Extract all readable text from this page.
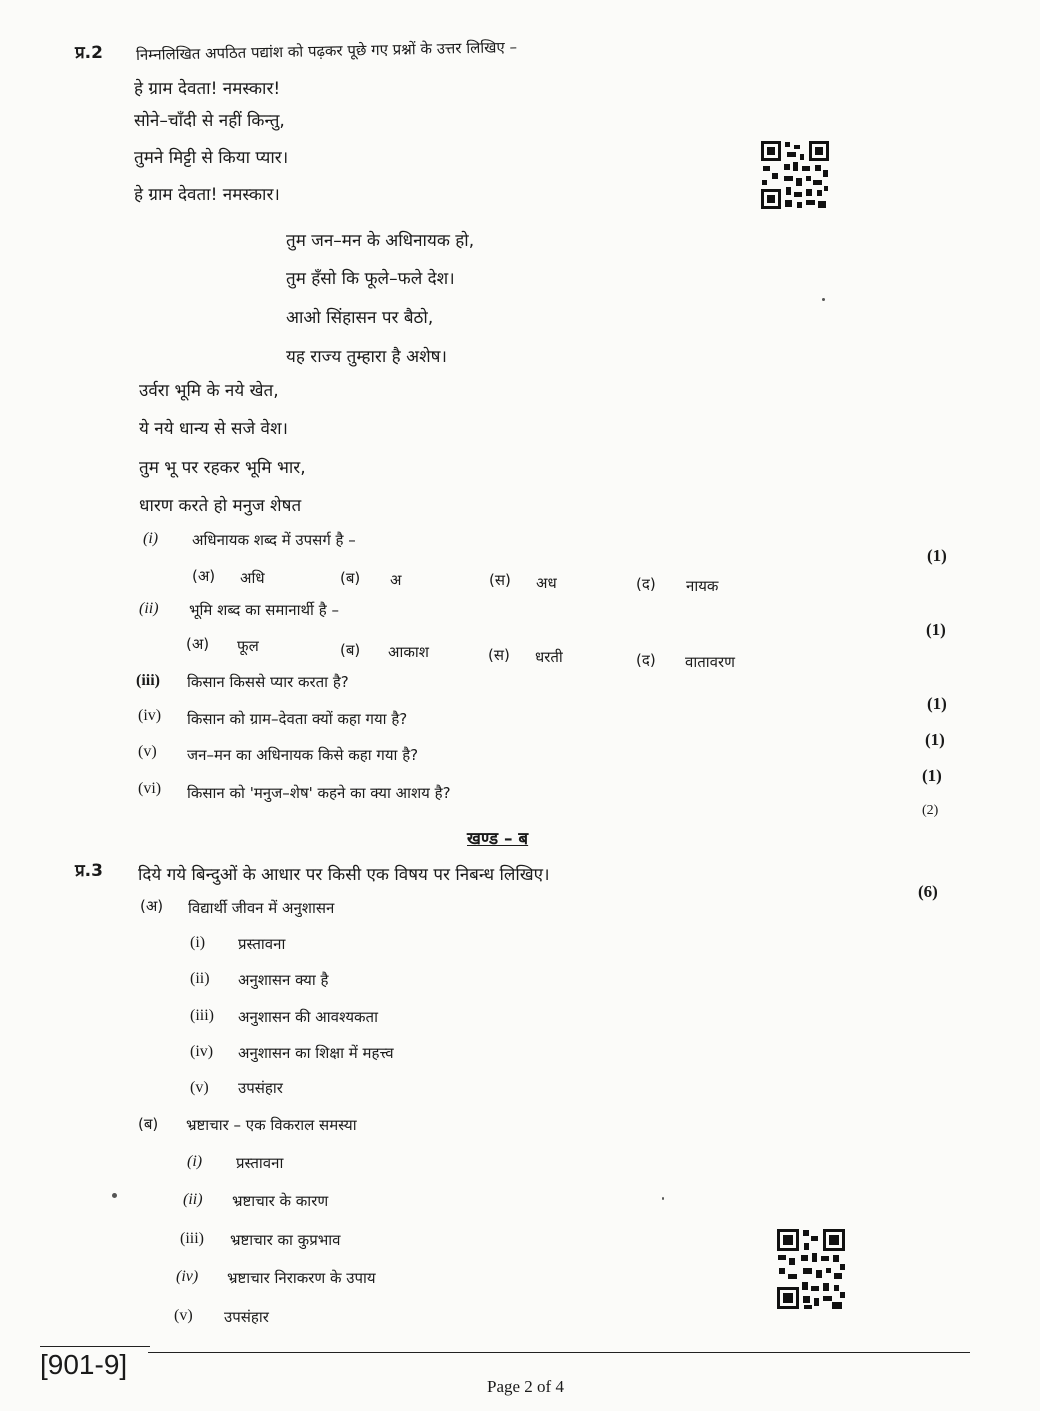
प्र.2 निम्नलिखित अपठित पद्यांश को पढ़कर पूछे गए प्रश्नों के उत्तर लिखिए –
हे ग्राम देवता! नमस्कार!
सोने–चाँदी से नहीं किन्तु,
तुमने मिट्टी से किया प्यार।
हे ग्राम देवता! नमस्कार।
तुम जन–मन के अधिनायक हो,
तुम हँसो कि फूले–फले देश।
आओ सिंहासन पर बैठो,
यह राज्य तुम्हारा है अशेष।
उर्वरा भूमि के नये खेत,
ये नये धान्य से सजे वेश।
तुम भू पर रहकर भूमि भार,
धारण करते हो मनुज शेषत
(i) अधिनायक शब्द में उपसर्ग है –
(1)
(अ) अधि	(ब) अ	(स) अध	(द) नायक
(ii) भूमि शब्द का समानार्थी है –
(1)
(अ) फूल	(ब) आकाश	(स) धरती	(द) वातावरण
(iii) किसान किससे प्यार करता है?
(1)
(iv) किसान को ग्राम–देवता क्यों कहा गया है?
(1)
(v) जन–मन का अधिनायक किसे कहा गया है?
(1)
(vi) किसान को 'मनुज–शेष' कहने का क्या आशय है?
(2)
खण्ड – ब
प्र.3 दिये गये बिन्दुओं के आधार पर किसी एक विषय पर निबन्ध लिखिए।
(6)
(अ) विद्यार्थी जीवन में अनुशासन
(i) प्रस्तावना
(ii) अनुशासन क्या है
(iii) अनुशासन की आवश्यकता
(iv) अनुशासन का शिक्षा में महत्त्व
(v) उपसंहार
(ब) भ्रष्टाचार – एक विकराल समस्या
(i) प्रस्तावना
(ii) भ्रष्टाचार के कारण
(iii) भ्रष्टाचार का कुप्रभाव
(iv) भ्रष्टाचार निराकरण के उपाय
(v) उपसंहार
[901-9]
Page 2 of 4
